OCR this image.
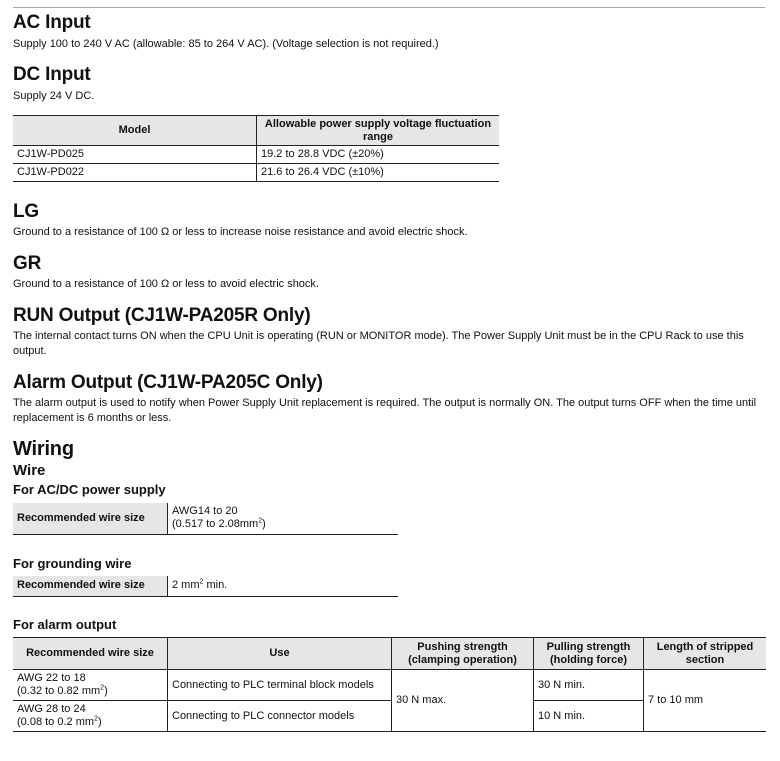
AC Input

Supply 100 to 240 V AC (allowable: 85 to 264 V AC). (Voltage selection is not required.)

DC Input

Supply 24 V DC.

Model	Allowable power supply voltage fluctuation range
CJ1W-PD025	19.2 to 28.8 VDC (±20%)
CJ1W-PD022	21.6 to 26.4 VDC (±10%)
LG

Ground to a resistance of 100 Ω or less to increase noise resistance and avoid electric shock.

GR

Ground to a resistance of 100 Ω or less to avoid electric shock.

RUN Output (CJ1W-PA205R Only)

The internal contact turns ON when the CPU Unit is operating (RUN or MONITOR mode). The Power Supply Unit must be in the CPU Rack to use this output.

Alarm Output (CJ1W-PA205C Only)

The alarm output is used to notify when Power Supply Unit replacement is required. The output is normally ON. The output turns OFF when the time until replacement is 6 months or less.

Wiring
Wire
For AC/DC power supply
Recommended wire size	AWG14 to 20
(0.517 to $2.08mm^2$)
For grounding wire
Recommended wire size	2 $mm^2$ min.
For alarm output
Recommended wire size	Use	Pushing strength (clamping operation)	Pulling strength (holding force)	Length of stripped section
AWG 22 to 18
(0.32 to 0.82 $mm^2$)	Connecting to PLC terminal block models	30 N max.	30 N min.	7 to 10 mm
AWG 28 to 24
(0.08 to 0.2 $mm^2$)	Connecting to PLC connector models		10 N min.	
